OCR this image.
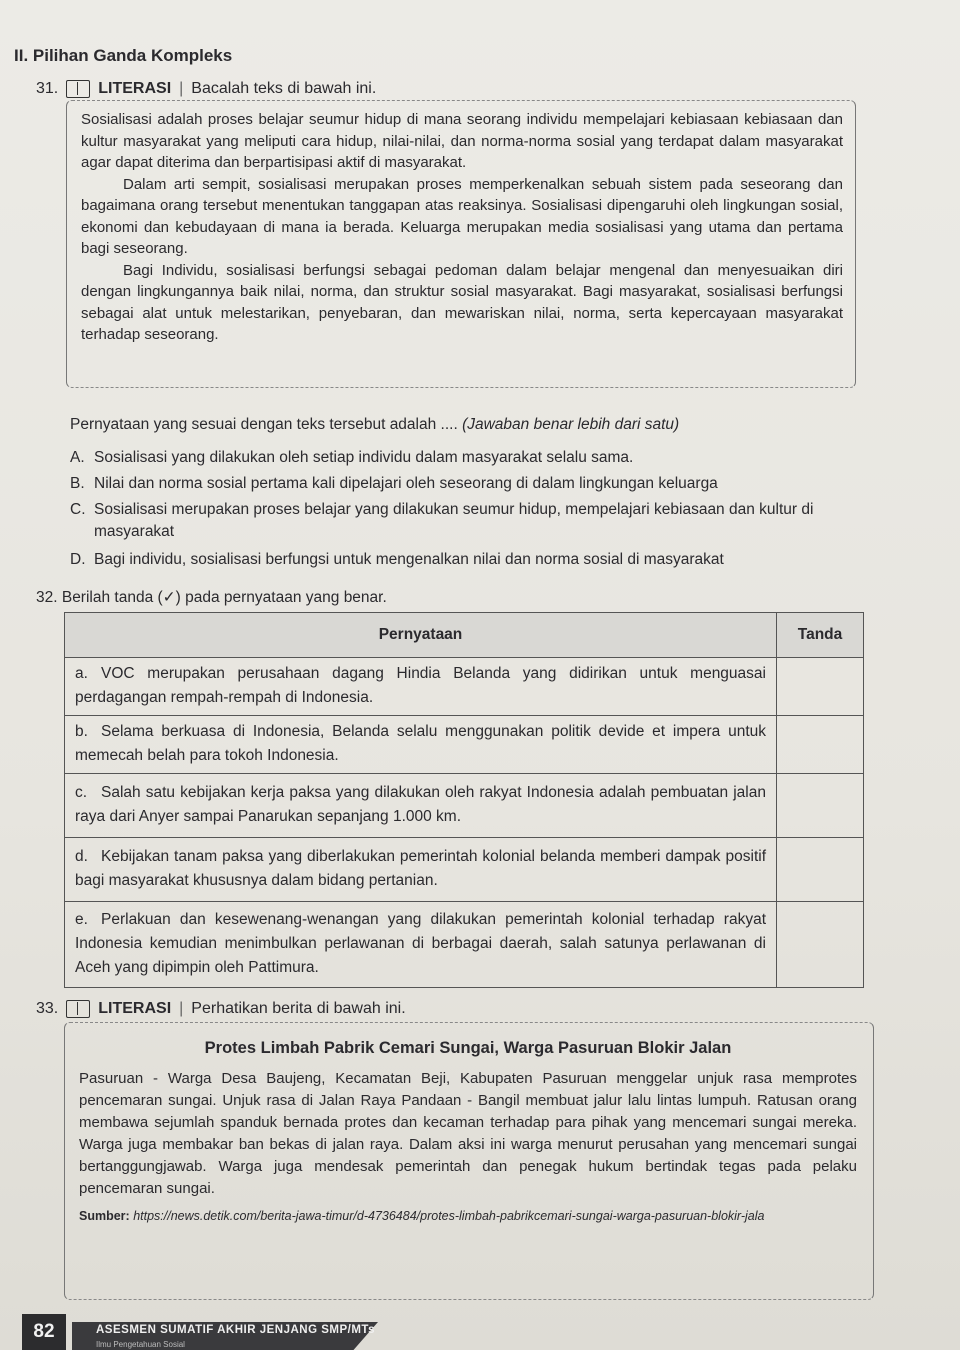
II. Pilihan Ganda Kompleks
31.	LITERASI | Bacalah teks di bawah ini.

Sosialisasi adalah proses belajar seumur hidup di mana seorang individu mempelajari kebiasaan kebiasaan dan kultur masyarakat yang meliputi cara hidup, nilai-nilai, dan norma-norma sosial yang terdapat dalam masyarakat agar dapat diterima dan berpartisipasi aktif di masyarakat.

Dalam arti sempit, sosialisasi merupakan proses memperkenalkan sebuah sistem pada seseorang dan bagaimana orang tersebut menentukan tanggapan atas reaksinya. Sosialisasi dipengaruhi oleh lingkungan sosial, ekonomi dan kebudayaan di mana ia berada. Keluarga merupakan media sosialisasi yang utama dan pertama bagi seseorang.

Bagi Individu, sosialisasi berfungsi sebagai pedoman dalam belajar mengenal dan menyesuaikan diri dengan lingkungannya baik nilai, norma, dan struktur sosial masyarakat. Bagi masyarakat, sosialisasi berfungsi sebagai alat untuk melestarikan, penyebaran, dan mewariskan nilai, norma, serta kepercayaan masyarakat terhadap seseorang.

Pernyataan yang sesuai dengan teks tersebut adalah .... (Jawaban benar lebih dari satu)
A. Sosialisasi yang dilakukan oleh setiap individu dalam masyarakat selalu sama.
B. Nilai dan norma sosial pertama kali dipelajari oleh seseorang di dalam lingkungan keluarga
C. Sosialisasi merupakan proses belajar yang dilakukan seumur hidup, mempelajari kebiasaan dan kultur di masyarakat
D. Bagi individu, sosialisasi berfungsi untuk mengenalkan nilai dan norma sosial di masyarakat
32. Berilah tanda (✓) pada pernyataan yang benar.
Pernyataan	Tanda
a. VOC merupakan perusahaan dagang Hindia Belanda yang didirikan untuk menguasai perdagangan rempah-rempah di Indonesia.	
b. Selama berkuasa di Indonesia, Belanda selalu menggunakan politik devide et impera untuk memecah belah para tokoh Indonesia.	
c. Salah satu kebijakan kerja paksa yang dilakukan oleh rakyat Indonesia adalah pembuatan jalan raya dari Anyer sampai Panarukan sepanjang 1.000 km.	
d. Kebijakan tanam paksa yang diberlakukan pemerintah kolonial belanda memberi dampak positif bagi masyarakat khususnya dalam bidang pertanian.	
e. Perlakuan dan kesewenang-wenangan yang dilakukan pemerintah kolonial terhadap rakyat Indonesia kemudian menimbulkan perlawanan di berbagai daerah, salah satunya perlawanan di Aceh yang dipimpin oleh Pattimura.	
33.	LITERASI | Perhatikan berita di bawah ini.
Protes Limbah Pabrik Cemari Sungai, Warga Pasuruan Blokir Jalan

Pasuruan - Warga Desa Baujeng, Kecamatan Beji, Kabupaten Pasuruan menggelar unjuk rasa memprotes pencemaran sungai. Unjuk rasa di Jalan Raya Pandaan - Bangil membuat jalur lalu lintas lumpuh. Ratusan orang membawa sejumlah spanduk bernada protes dan kecaman terhadap para pihak yang mencemari sungai mereka. Warga juga membakar ban bekas di jalan raya. Dalam aksi ini warga menurut perusahan yang mencemari sungai bertanggungjawab. Warga juga mendesak pemerintah dan penegak hukum bertindak tegas pada pelaku pencemaran sungai.

Sumber: https://news.detik.com/berita-jawa-timur/d-4736484/protes-limbah-pabrikcemari-sungai-warga-pasuruan-blokir-jala
82	ASESMEN SUMATIF AKHIR JENJANG SMP/MTs
Ilmu Pengetahuan Sosial
